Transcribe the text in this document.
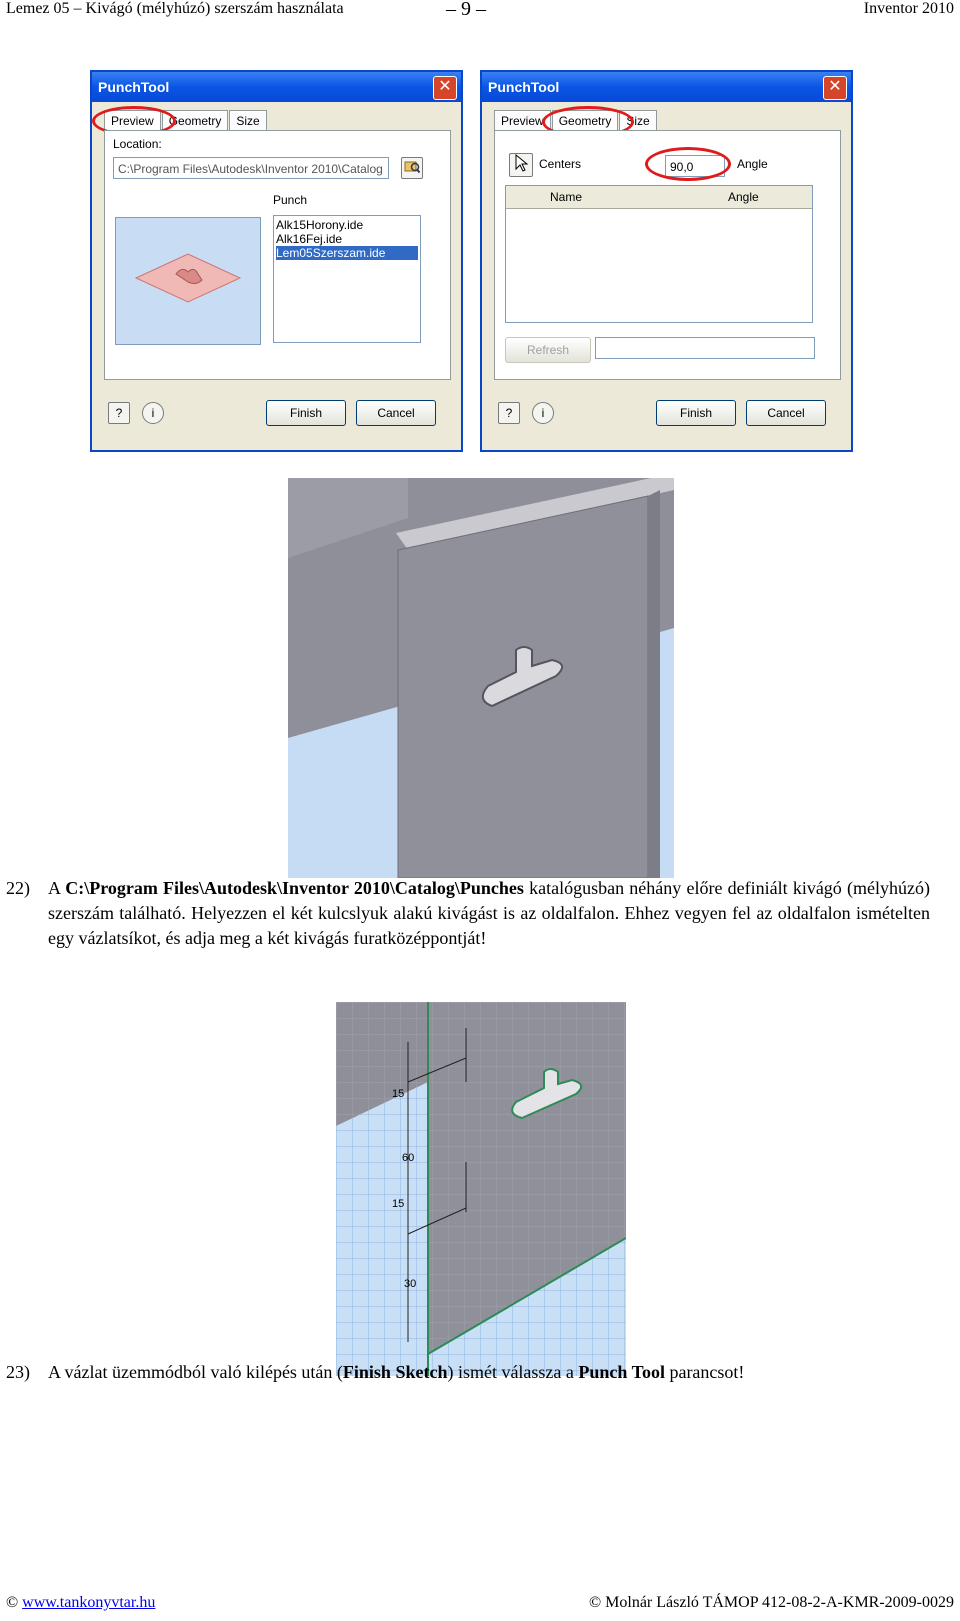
Lemez 05 – Kivágó (mélyhúzó) szerszám használata	– 9 –	Inventor 2010
PunchTool	✕
Preview Geometry Size
Location:
C:\Program Files\Autodesk\Inventor 2010\Catalog
Punch
Alk15Horony.ide
Alk16Fej.ide
Lem05Szerszam.ide
?	i	Finish	Cancel
PunchTool	✕
Preview Geometry Size
Centers	90,0	Angle
Name	Angle
Refresh
?	i	Finish	Cancel
22) A C:\Program Files\Autodesk\Inventor 2010\Catalog\Punches katalógusban néhány előre definiált kivágó (mélyhúzó) szerszám található. Helyezzen el két kulcslyuk alakú kivágást is az oldalfalon. Ehhez vegyen fel az oldalfalon ismételten egy vázlatsíkot, és adja meg a két kivágás furatközéppontját!
15
60
15
30
23) A vázlat üzemmódból való kilépés után (Finish Sketch) ismét válassza a Punch Tool parancsot!
© www.tankonyvtar.hu	© Molnár László TÁMOP 412-08-2-A-KMR-2009-0029
